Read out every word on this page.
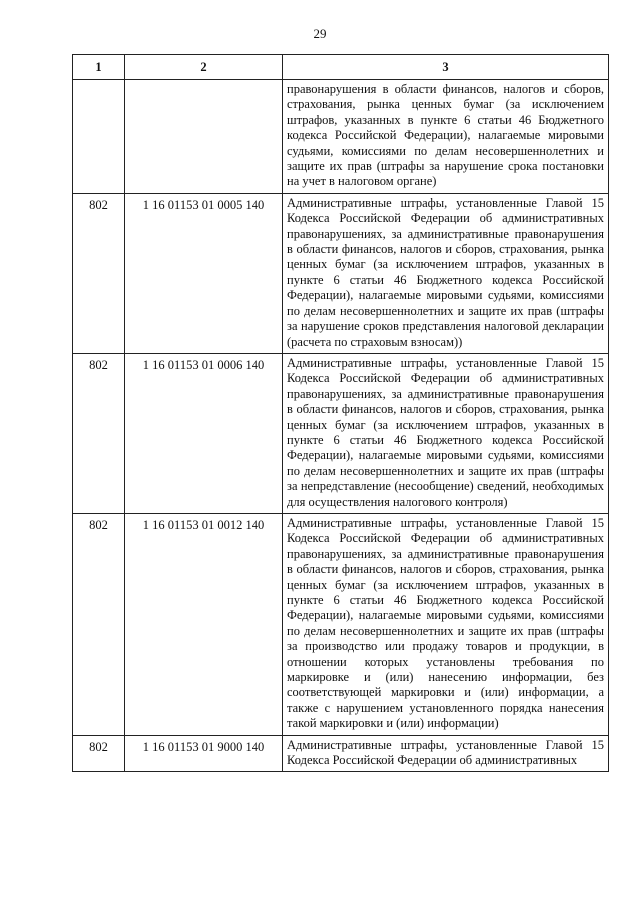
29
1	2	3
		правонарушения в области финансов, налогов и сборов, страхования, рынка ценных бумаг (за исключением штрафов, указанных в пункте 6 статьи 46 Бюджетного кодекса Российской Федерации), налагаемые мировыми судьями, комиссиями по делам несовершеннолетних и защите их прав (штрафы за нарушение срока постановки на учет в налоговом органе)
802	1 16 01153 01 0005 140	Административные штрафы, установленные Главой 15 Кодекса Российской Федерации об административных правонарушениях, за административные правонарушения в области финансов, налогов и сборов, страхования, рынка ценных бумаг (за исключением штрафов, указанных в пункте 6 статьи 46 Бюджетного кодекса Российской Федерации), налагаемые мировыми судьями, комиссиями по делам несовершеннолетних и защите их прав (штрафы за нарушение сроков представления налоговой декларации (расчета по страховым взносам))
802	1 16 01153 01 0006 140	Административные штрафы, установленные Главой 15 Кодекса Российской Федерации об административных правонарушениях, за административные правонарушения в области финансов, налогов и сборов, страхования, рынка ценных бумаг (за исключением штрафов, указанных в пункте 6 статьи 46 Бюджетного кодекса Российской Федерации), налагаемые мировыми судьями, комиссиями по делам несовершеннолетних и защите их прав (штрафы за непредставление (несообщение) сведений, необходимых для осуществления налогового контроля)
802	1 16 01153 01 0012 140	Административные штрафы, установленные Главой 15 Кодекса Российской Федерации об административных правонарушениях, за административные правонарушения в области финансов, налогов и сборов, страхования, рынка ценных бумаг (за исключением штрафов, указанных в пункте 6 статьи 46 Бюджетного кодекса Российской Федерации), налагаемые мировыми судьями, комиссиями по делам несовершеннолетних и защите их прав (штрафы за производство или продажу товаров и продукции, в отношении которых установлены требования по маркировке и (или) нанесению информации, без соответствующей маркировки и (или) информации, а также с нарушением установленного порядка нанесения такой маркировки и (или) информации)
802	1 16 01153 01 9000 140	Административные штрафы, установленные Главой 15 Кодекса Российской Федерации об административных
